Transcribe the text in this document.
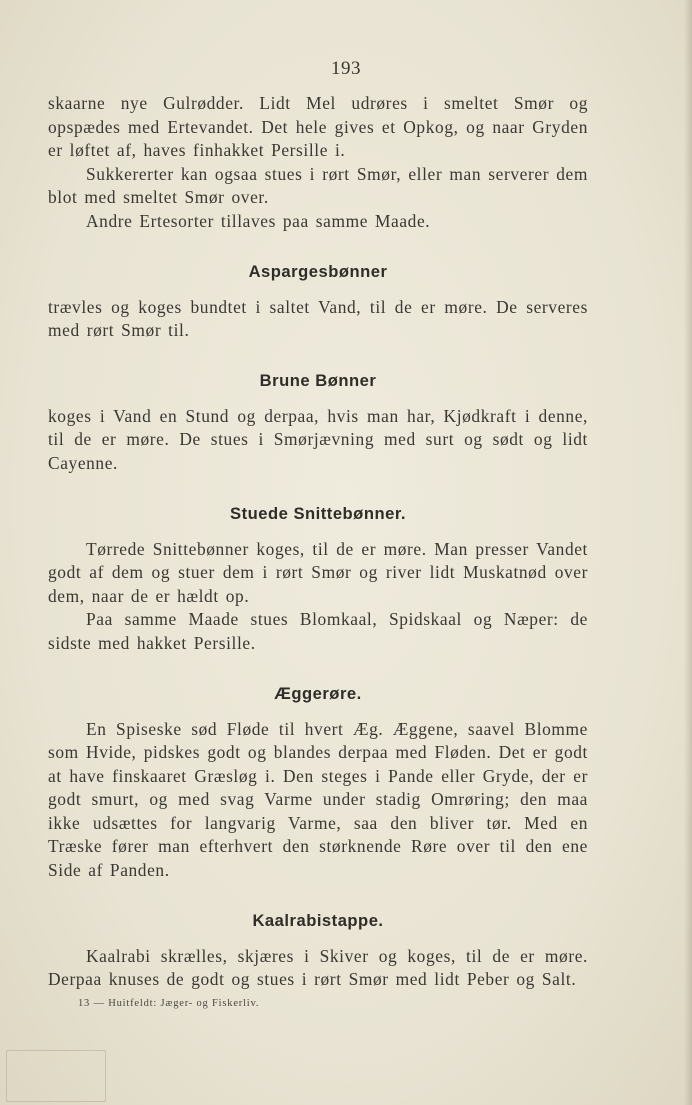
193

skaarne nye Gulrødder. Lidt Mel udrøres i smeltet Smør og opspædes med Ertevandet. Det hele gives et Opkog, og naar Gryden er løftet af, haves finhakket Persille i.

Sukkererter kan ogsaa stues i rørt Smør, eller man serverer dem blot med smeltet Smør over.

Andre Ertesorter tillaves paa samme Maade.

Aspargesbønner

trævles og koges bundtet i saltet Vand, til de er møre. De serveres med rørt Smør til.

Brune Bønner

koges i Vand en Stund og derpaa, hvis man har, Kjødkraft i denne, til de er møre. De stues i Smørjævning med surt og sødt og lidt Cayenne.

Stuede Snittebønner.

Tørrede Snittebønner koges, til de er møre. Man presser Vandet godt af dem og stuer dem i rørt Smør og river lidt Muskatnød over dem, naar de er hældt op.

Paa samme Maade stues Blomkaal, Spidskaal og Næper: de sidste med hakket Persille.

Æggerøre.

En Spiseske sød Fløde til hvert Æg. Æggene, saavel Blomme som Hvide, pidskes godt og blandes derpaa med Fløden. Det er godt at have finskaaret Græsløg i. Den steges i Pande eller Gryde, der er godt smurt, og med svag Varme under stadig Omrøring; den maa ikke udsættes for langvarig Varme, saa den bliver tør. Med en Træske fører man efterhvert den størknende Røre over til den ene Side af Panden.

Kaalrabistappe.

Kaalrabi skrælles, skjæres i Skiver og koges, til de er møre. Derpaa knuses de godt og stues i rørt Smør med lidt Peber og Salt.

13 — Huitfeldt: Jæger- og Fiskerliv.
